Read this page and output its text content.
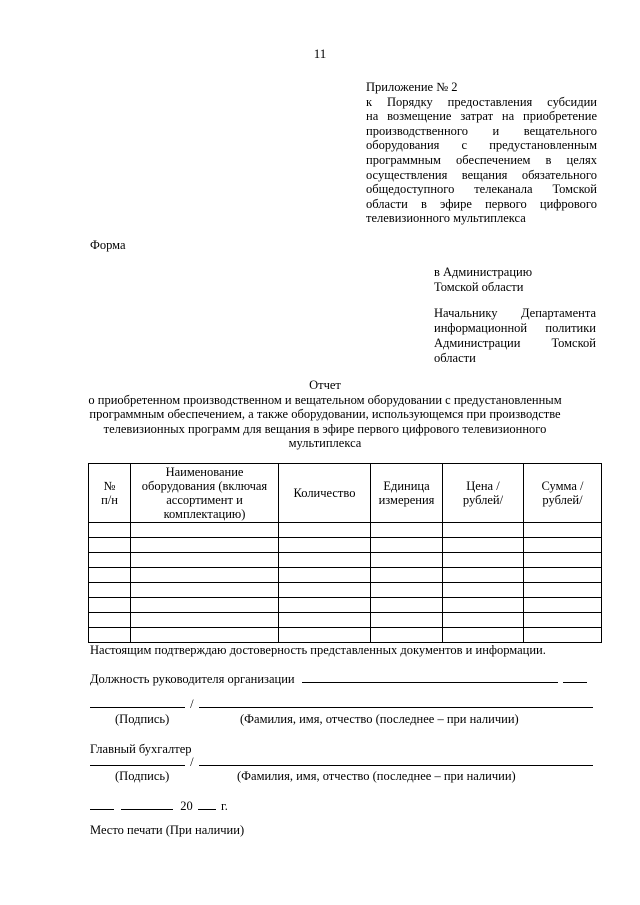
11
Приложение № 2
к Порядку предоставления субсидии
на возмещение затрат на приобретение
производственного и вещательного
оборудования с предустановленным
программным обеспечением в целях
осуществления вещания обязательного
общедоступного телеканала Томской
области в эфире первого цифрового
телевизионного мультиплекса
Форма
в Администрацию
Томской области
Начальнику Департамента
информационной политики
Администрации Томской
области
Отчет
о приобретенном производственном и вещательном оборудовании с предустановленным программным обеспечением, а также оборудовании, использующемся при производстве телевизионных программ для вещания в эфире первого цифрового телевизионного мультиплекса
№ п/н	Наименование оборудования (включая ассортимент и комплектацию)	Количество	Единица измерения	Цена /рублей/	Сумма /рублей/

Настоящим подтверждаю достоверность представленных документов и информации.
Должность руководителя организации
/
(Подпись)	(Фамилия, имя, отчество (последнее – при наличии)
Главный бухгалтер
/
(Подпись)	(Фамилия, имя, отчество (последнее – при наличии)
20 г.
Место печати (При наличии)
